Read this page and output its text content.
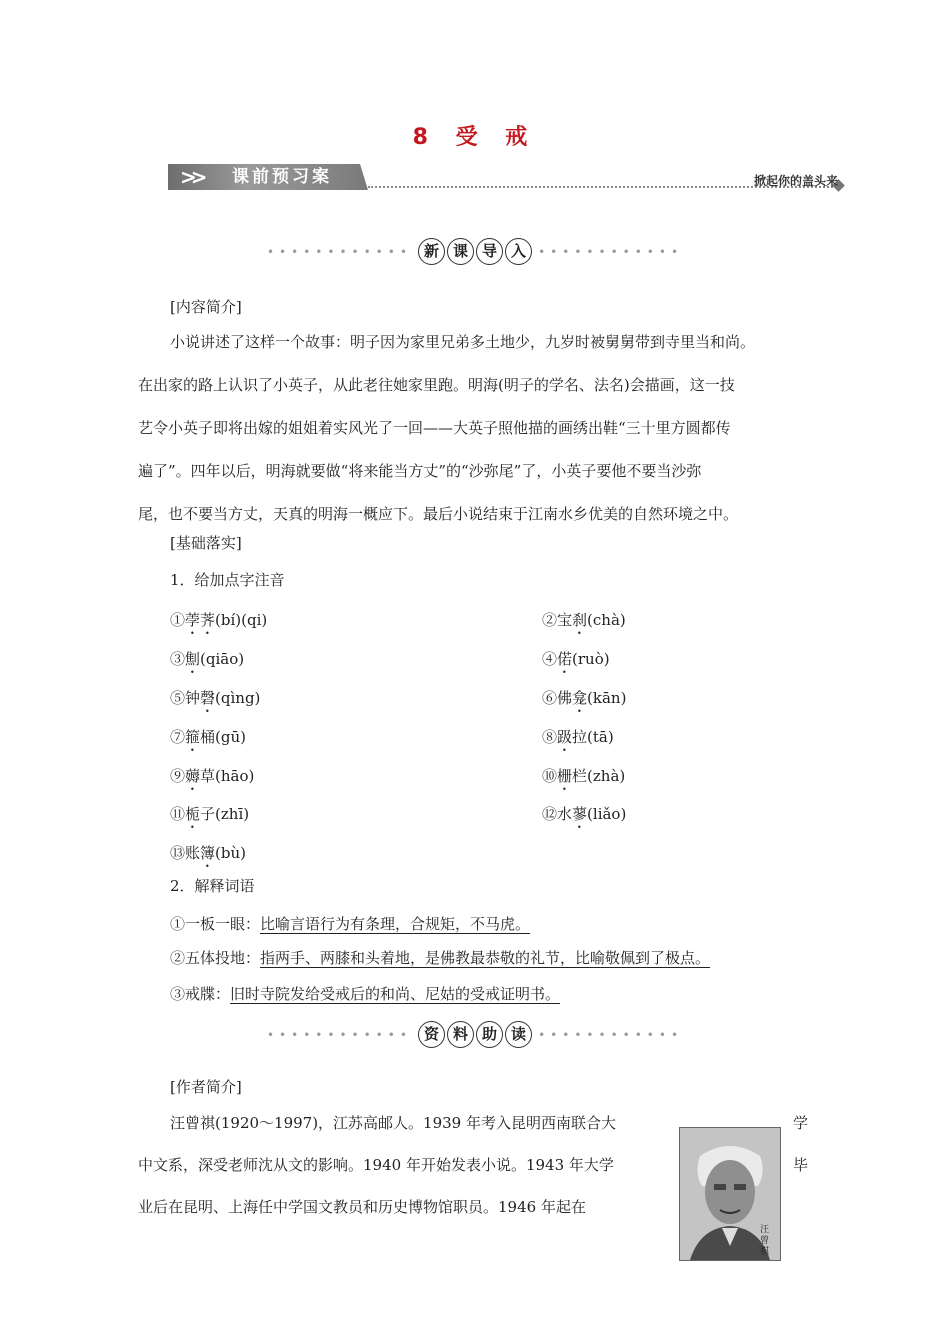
8 受 戒
>> 课前预习案	掀起你的盖头来
•••••••••••• 新 课 导 入 ••••••••••••
[内容简介]
小说讲述了这样一个故事：明子因为家里兄弟多土地少，九岁时被舅舅带到寺里当和尚。
在出家的路上认识了小英子，从此老往她家里跑。明海(明子的学名、法名)会描画，这一技
艺令小英子即将出嫁的姐姐着实风光了一回——大英子照他描的画绣出鞋“三十里方圆都传
遍了”。四年以后，明海就要做“将来能当方丈”的“沙弥尾”了，小英子要他不要当沙弥
尾，也不要当方丈，天真的明海一概应下。最后小说结束于江南水乡优美的自然环境之中。
[基础落实]
1．给加点字注音
①荸荠(bí)(qi)	②宝刹(chà)
③劁(qiāo)	④偌(ruò)
⑤钟磬(qìng)	⑥佛龛(kān)
⑦箍桶(gū)	⑧趿拉(tā)
⑨薅草(hāo)	⑩栅栏(zhà)
⑪栀子(zhī)	⑫水蓼(liǎo)
⑬账簿(bù)
2．解释词语
①一板一眼：比喻言语行为有条理，合规矩，不马虎。
②五体投地：指两手、两膝和头着地，是佛教最恭敬的礼节，比喻敬佩到了极点。
③戒牒：旧时寺院发给受戒后的和尚、尼姑的受戒证明书。
•••••••••••• 资 料 助 读 ••••••••••••
[作者简介]
汪曾祺(1920～1997)，江苏高邮人。1939 年考入昆明西南联合大	学
中文系，深受老师沈从文的影响。1940 年开始发表小说。1943 年大学	毕
业后在昆明、上海任中学国文教员和历史博物馆职员。1946 年起在
汪曾祺
